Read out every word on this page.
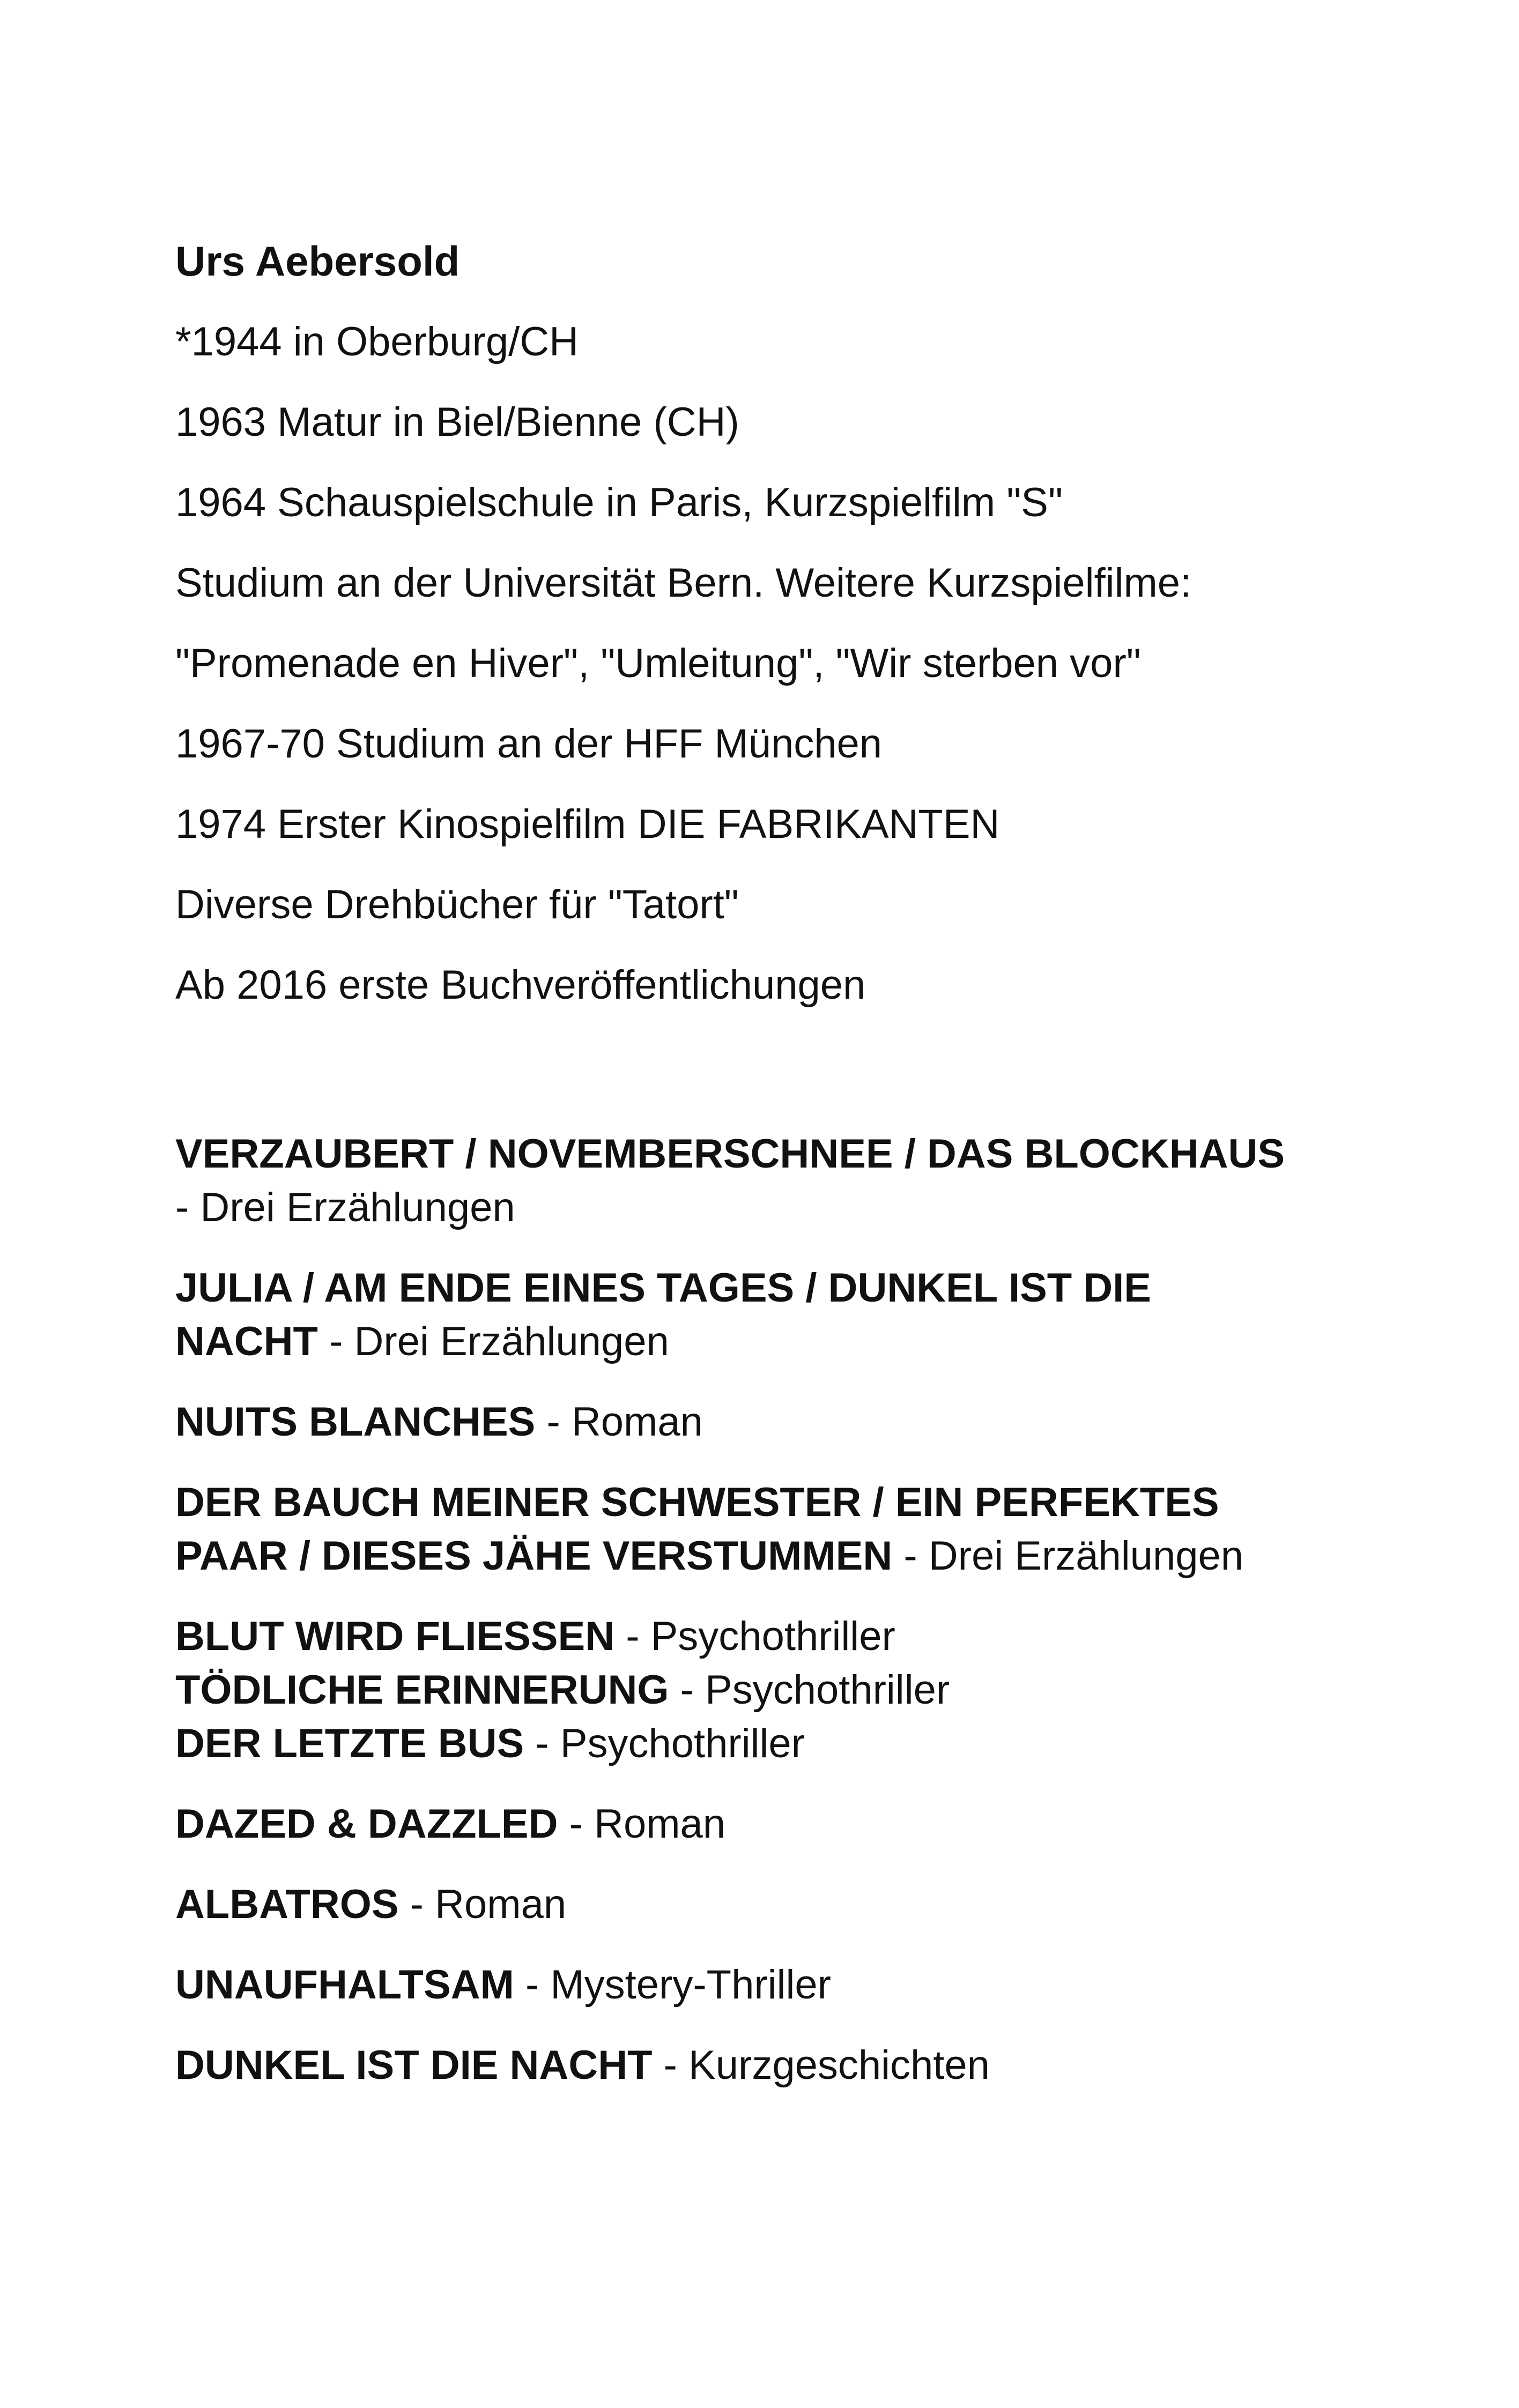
Urs Aebersold
*1944 in Oberburg/CH
1963 Matur in Biel/Bienne (CH)
1964 Schauspielschule in Paris, Kurzspielfilm "S"
Studium an der Universität Bern. Weitere Kurzspielfilme:
"Promenade en Hiver", "Umleitung", "Wir sterben vor"
1967-70 Studium an der HFF München
1974 Erster Kinospielfilm DIE FABRIKANTEN
Diverse Drehbücher für "Tatort"
Ab 2016 erste Buchveröffentlichungen
VERZAUBERT / NOVEMBERSCHNEE / DAS BLOCKHAUS
- Drei Erzählungen
JULIA / AM ENDE EINES TAGES / DUNKEL IST DIE
NACHT - Drei Erzählungen
NUITS BLANCHES - Roman
DER BAUCH MEINER SCHWESTER / EIN PERFEKTES
PAAR / DIESES JÄHE VERSTUMMEN - Drei Erzählungen
BLUT WIRD FLIESSEN - Psychothriller
TÖDLICHE ERINNERUNG - Psychothriller
DER LETZTE BUS - Psychothriller
DAZED & DAZZLED - Roman
ALBATROS - Roman
UNAUFHALTSAM - Mystery-Thriller
DUNKEL IST DIE NACHT - Kurzgeschichten
